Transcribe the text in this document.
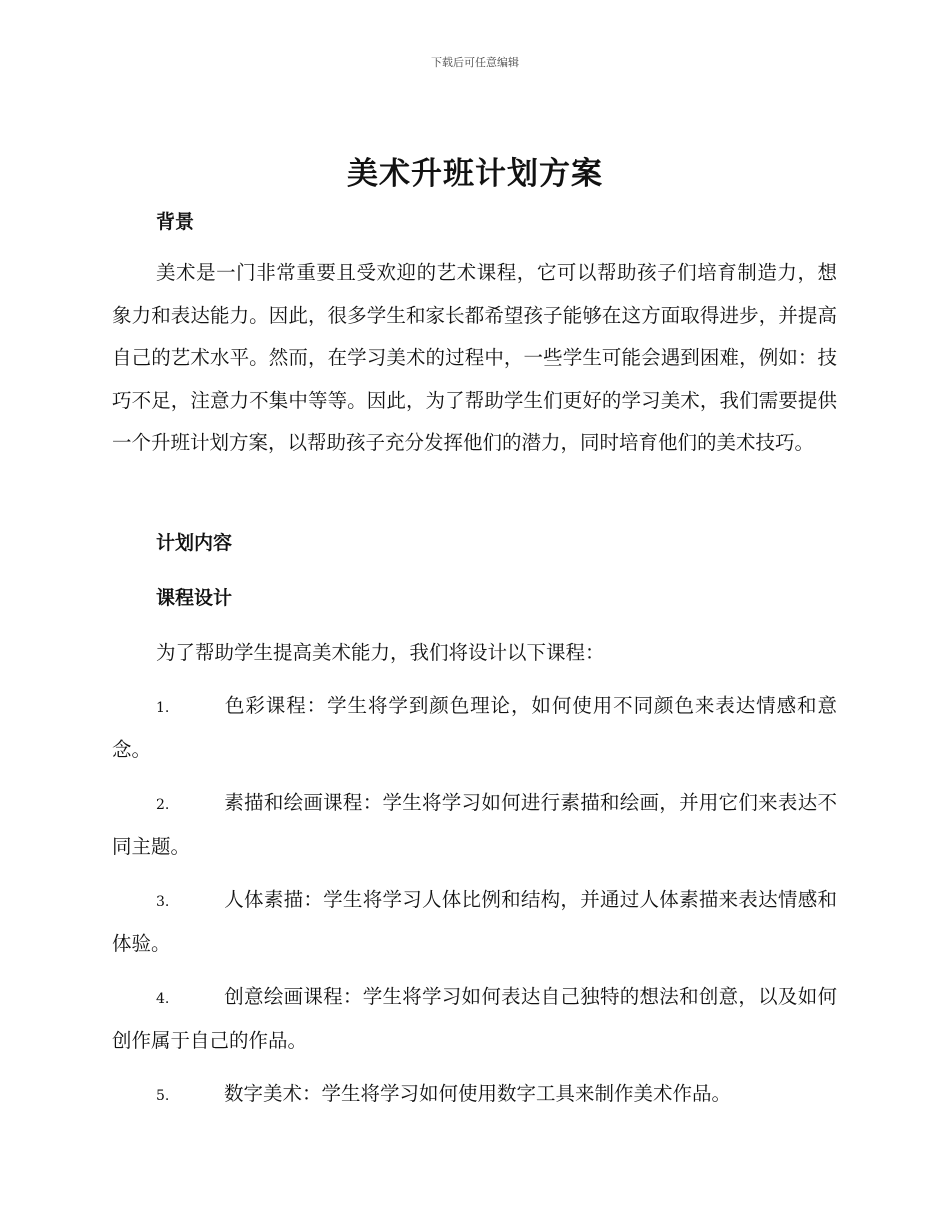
下载后可任意编辑
美术升班计划方案
背景
美术是一门非常重要且受欢迎的艺术课程，它可以帮助孩子们培育制造力，想象力和表达能力。因此，很多学生和家长都希望孩子能够在这方面取得进步，并提高自己的艺术水平。然而，在学习美术的过程中，一些学生可能会遇到困难，例如：技巧不足，注意力不集中等等。因此，为了帮助学生们更好的学习美术，我们需要提供一个升班计划方案，以帮助孩子充分发挥他们的潜力，同时培育他们的美术技巧。
计划内容
课程设计
为了帮助学生提高美术能力，我们将设计以下课程：
1.	色彩课程：学生将学到颜色理论，如何使用不同颜色来表达情感和意念。
2.	素描和绘画课程：学生将学习如何进行素描和绘画，并用它们来表达不同主题。
3.	人体素描：学生将学习人体比例和结构，并通过人体素描来表达情感和体验。
4.	创意绘画课程：学生将学习如何表达自己独特的想法和创意，以及如何创作属于自己的作品。
5.	数字美术：学生将学习如何使用数字工具来制作美术作品。
